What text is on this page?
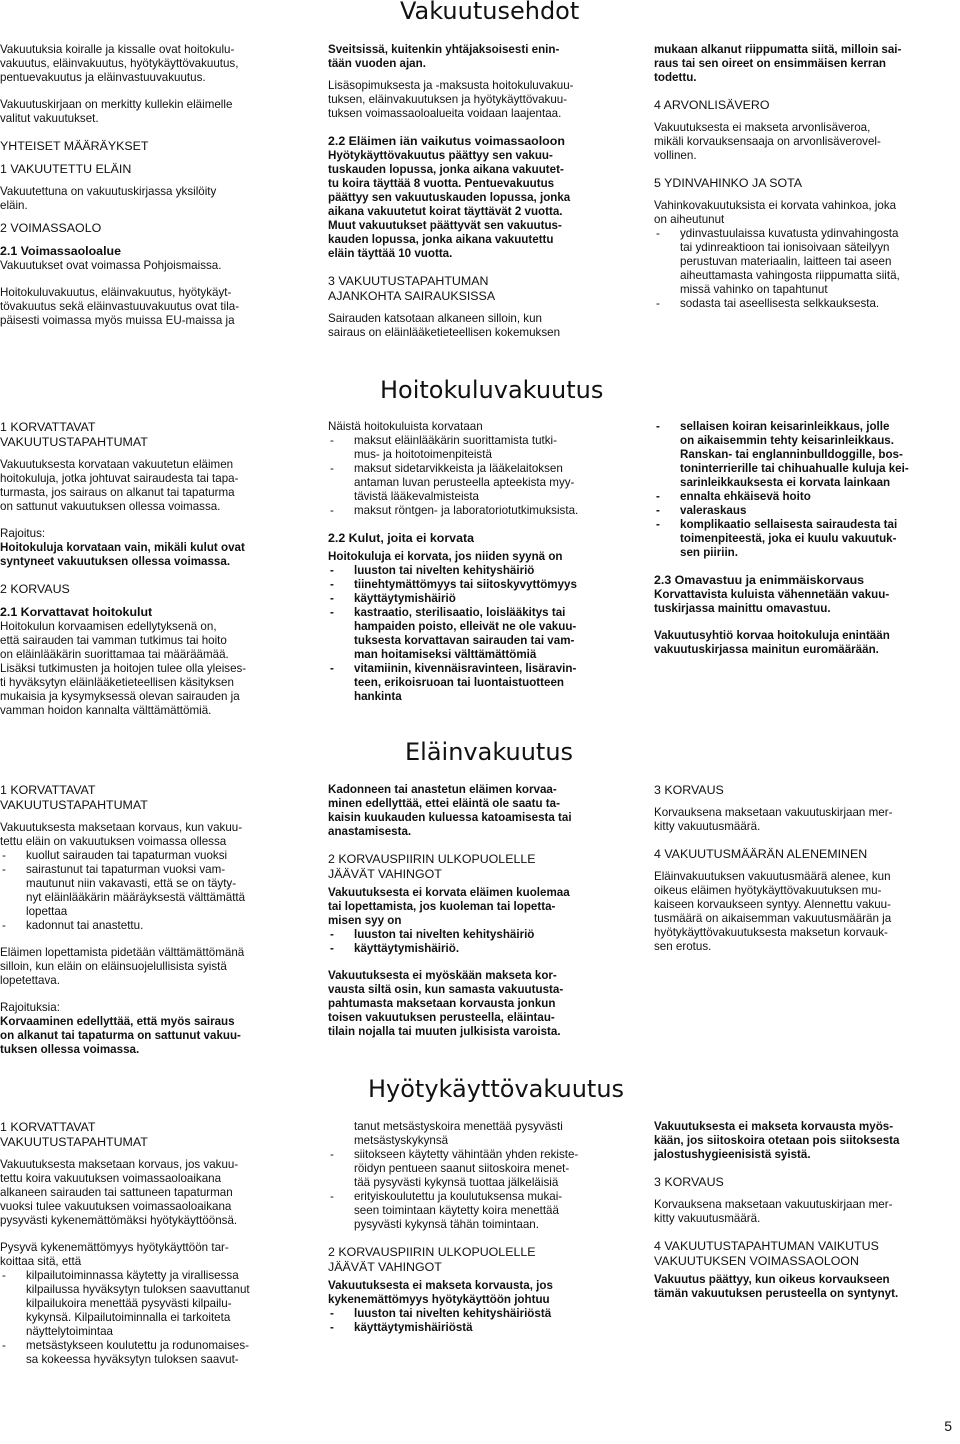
Vakuutusehdot
Hoitokuluvakuutus
Eläinvakuutus
Hyötykäyttövakuutus

Vakuutuksia koiralle ja kissalle ovat hoitokulu-
vakuutus, eläinvakuutus, hyötykäyttövakuutus,
pentuevakuutus ja eläinvastuuvakuutus.

Vakuutuskirjaan on merkitty kullekin eläimelle
valitut vakuutukset.

YHTEISET MÄÄRÄYKSET

1 VAKUUTETTU ELÄIN

Vakuutettuna on vakuutuskirjassa yksilöity
eläin.

2 VOIMASSAOLO

2.1 Voimassaoloalue

Vakuutukset ovat voimassa Pohjoismaissa.

Hoitokuluvakuutus, eläinvakuutus, hyötykäyt-
tövakuutus sekä eläinvastuuvakuutus ovat tila-
päisesti voimassa myös muissa EU-maissa ja

Sveitsissä, kuitenkin yhtäjaksoisesti enin-
tään vuoden ajan.

Lisäsopimuksesta ja -maksusta hoitokuluvakuu-
tuksen, eläinvakuutuksen ja hyötykäyttövakuu-
tuksen voimassaoloalueita voidaan laajentaa.

2.2 Eläimen iän vaikutus voimassaoloon

Hyötykäyttövakuutus päättyy sen vakuu-
tuskauden lopussa, jonka aikana vakuutet-
tu koira täyttää 8 vuotta. Pentuevakuutus
päättyy sen vakuutuskauden lopussa, jonka
aikana vakuutetut koirat täyttävät 2 vuotta.
Muut vakuutukset päättyvät sen vakuutus-
kauden lopussa, jonka aikana vakuutettu
eläin täyttää 10 vuotta.

3 VAKUUTUSTAPAHTUMAN
AJANKOHTA SAIRAUKSISSA

Sairauden katsotaan alkaneen silloin, kun
sairaus on eläinlääketieteellisen kokemuksen

mukaan alkanut riippumatta siitä, milloin sai-
raus tai sen oireet on ensimmäisen kerran
todettu.

4 ARVONLISÄVERO

Vakuutuksesta ei makseta arvonlisäveroa,
mikäli korvauksensaaja on arvonlisäverovel-
vollinen.

5 YDINVAHINKO JA SOTA

Vahinkovakuutuksista ei korvata vahinkoa, joka
on aiheutunut

- ydinvastuulaissa kuvatusta ydinvahingosta
tai ydinreaktioon tai ionisoivaan säteilyyn
perustuvan materiaalin, laitteen tai aseen
aiheuttamasta vahingosta riippumatta siitä,
missä vahinko on tapahtunut
- sodasta tai aseellisesta selkkauksesta.

1 KORVATTAVAT
VAKUUTUSTAPAHTUMAT

Vakuutuksesta korvataan vakuutetun eläimen
hoitokuluja, jotka johtuvat sairaudesta tai tapa-
turmasta, jos sairaus on alkanut tai tapaturma
on sattunut vakuutuksen ollessa voimassa.

Rajoitus:

Hoitokuluja korvataan vain, mikäli kulut ovat
syntyneet vakuutuksen ollessa voimassa.

2 KORVAUS

2.1 Korvattavat hoitokulut

Hoitokulun korvaamisen edellytyksenä on,
että sairauden tai vamman tutkimus tai hoito
on eläinlääkärin suorittamaa tai määräämää.
Lisäksi tutkimusten ja hoitojen tulee olla yleises-
ti hyväksytyn eläinlääketieteellisen käsityksen
mukaisia ja kysymyksessä olevan sairauden ja
vamman hoidon kannalta välttämättömiä.

Näistä hoitokuluista korvataan

- maksut eläinlääkärin suorittamista tutki-
mus- ja hoitotoimenpiteistä
- maksut sidetarvikkeista ja lääkelaitoksen
antaman luvan perusteella apteekista myy-
tävistä lääkevalmisteista
- maksut röntgen- ja laboratoriotutkimuksista.

2.2 Kulut, joita ei korvata

Hoitokuluja ei korvata, jos niiden syynä on

- luuston tai nivelten kehityshäiriö
- tiinehtymättömyys tai siitoskyvyttömyys
- käyttäytymishäiriö
- kastraatio, sterilisaatio, loislääkitys tai
hampaiden poisto, elleivät ne ole vakuu-
tuksesta korvattavan sairauden tai vam-
man hoitamiseksi välttämättömiä
- vitamiinin, kivennäisravinteen, lisäravin-
teen, erikoisruoan tai luontaistuotteen
hankinta
- sellaisen koiran keisarinleikkaus, jolle
on aikaisemmin tehty keisarinleikkaus.
Ranskan- tai englanninbulldoggille, bos-
toninterrierille tai chihuahualle kuluja kei-
sarinleikkauksesta ei korvata lainkaan
- ennalta ehkäisevä hoito
- valeraskaus
- komplikaatio sellaisesta sairaudesta tai
toimenpiteestä, joka ei kuulu vakuutuk-
sen piiriin.

2.3 Omavastuu ja enimmäiskorvaus

Korvattavista kuluista vähennetään vakuu-
tuskirjassa mainittu omavastuu.

Vakuutusyhtiö korvaa hoitokuluja enintään
vakuutuskirjassa mainitun euromäärään.

1 KORVATTAVAT
VAKUUTUSTAPAHTUMAT

Vakuutuksesta maksetaan korvaus, kun vakuu-
tettu eläin on vakuutuksen voimassa ollessa

- kuollut sairauden tai tapaturman vuoksi
- sairastunut tai tapaturman vuoksi vam-
mautunut niin vakavasti, että se on täyty-
nyt eläinlääkärin määräyksestä välttämättä
lopettaa
- kadonnut tai anastettu.

Eläimen lopettamista pidetään välttämättömänä
silloin, kun eläin on eläinsuojelullisista syistä
lopetettava.

Rajoituksia:

Korvaaminen edellyttää, että myös sairaus
on alkanut tai tapaturma on sattunut vakuu-
tuksen ollessa voimassa.

Kadonneen tai anastetun eläimen korvaa-
minen edellyttää, ettei eläintä ole saatu ta-
kaisin kuukauden kuluessa katoamisesta tai
anastamisesta.

2 KORVAUSPIIRIN ULKOPUOLELLE
JÄÄVÄT VAHINGOT

Vakuutuksesta ei korvata eläimen kuolemaa
tai lopettamista, jos kuoleman tai lopetta-
misen syy on

- luuston tai nivelten kehityshäiriö
- käyttäytymishäiriö.

Vakuutuksesta ei myöskään makseta kor-
vausta siltä osin, kun samasta vakuutusta-
pahtumasta maksetaan korvausta jonkun
toisen vakuutuksen perusteella, eläintau-
tilain nojalla tai muuten julkisista varoista.

3 KORVAUS

Korvauksena maksetaan vakuutuskirjaan mer-
kitty vakuutusmäärä.

4 VAKUUTUSMÄÄRÄN ALENEMINEN

Eläinvakuutuksen vakuutusmäärä alenee, kun
oikeus eläimen hyötykäyttövakuutuksen mu-
kaiseen korvaukseen syntyy. Alennettu vakuu-
tusmäärä on aikaisemman vakuutusmäärän ja
hyötykäyttövakuutuksesta maksetun korvauk-
sen erotus.

1 KORVATTAVAT
VAKUUTUSTAPAHTUMAT

Vakuutuksesta maksetaan korvaus, jos vakuu-
tettu koira vakuutuksen voimassaoloaikana
alkaneen sairauden tai sattuneen tapaturman
vuoksi tulee vakuutuksen voimassaoloaikana
pysyvästi kykenemättömäksi hyötykäyttöönsä.

Pysyvä kykenemättömyys hyötykäyttöön tar-
koittaa sitä, että

- kilpailutoiminnassa käytetty ja virallisessa
kilpailussa hyväksytyn tuloksen saavuttanut
kilpailukoira menettää pysyvästi kilpailu-
kykynsä. Kilpailutoiminnalla ei tarkoiteta
näyttelytoimintaa
- metsästykseen koulutettu ja rodunomaises-
sa kokeessa hyväksytyn tuloksen saavut-

tanut metsästyskoira menettää pysyvästi
metsästyskykynsä

- siitokseen käytetty vähintään yhden rekiste-
röidyn pentueen saanut siitoskoira menet-
tää pysyvästi kykynsä tuottaa jälkeläisiä
- erityiskoulutettu ja koulutuksensa mukai-
seen toimintaan käytetty koira menettää
pysyvästi kykynsä tähän toimintaan.

2 KORVAUSPIIRIN ULKOPUOLELLE
JÄÄVÄT VAHINGOT

Vakuutuksesta ei makseta korvausta, jos
kykenemättömyys hyötykäyttöön johtuu

- luuston tai nivelten kehityshäiriöstä
- käyttäytymishäiriöstä

Vakuutuksesta ei makseta korvausta myös-
kään, jos siitoskoira otetaan pois siitoksesta
jalostushygieenisistä syistä.

3 KORVAUS

Korvauksena maksetaan vakuutuskirjaan mer-
kitty vakuutusmäärä.

4 VAKUUTUSTAPAHTUMAN VAIKUTUS
VAKUUTUKSEN VOIMASSAOLOON

Vakuutus päättyy, kun oikeus korvaukseen
tämän vakuutuksen perusteella on syntynyt.

5
